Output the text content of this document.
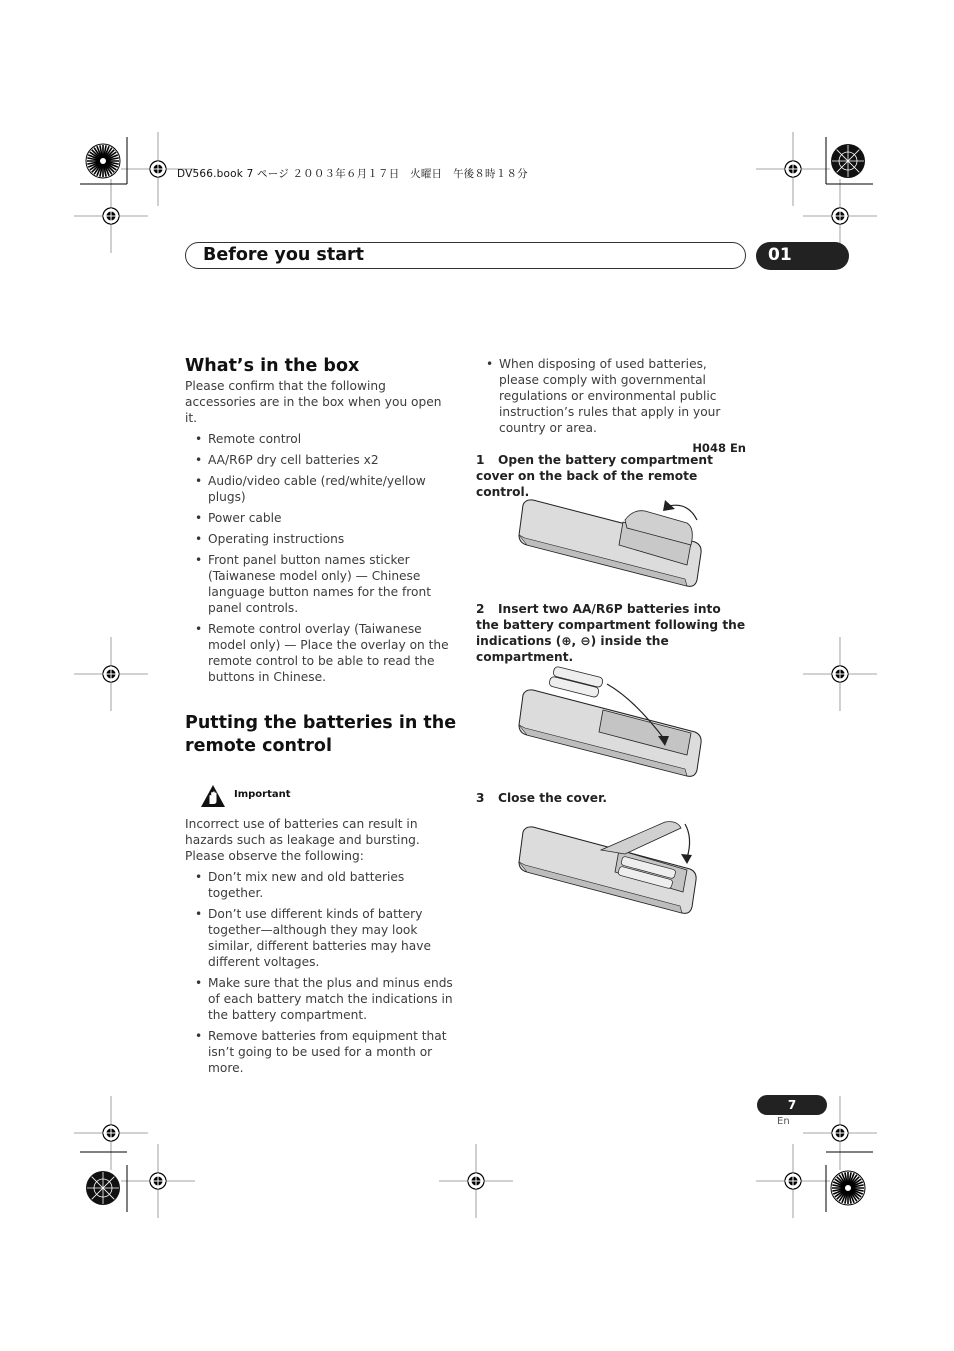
DV566.book 7 ページ ２００３年６月１７日　火曜日　午後８時１８分
Before you start	01
What’s in the box

Please confirm that the following accessories are in the box when you open it.

• Remote control
• AA/R6P dry cell batteries x2
• Audio/video cable (red/white/yellow plugs)
• Power cable
• Operating instructions
• Front panel button names sticker (Taiwanese model only) — Chinese language button names for the front panel controls.
• Remote control overlay (Taiwanese model only) — Place the overlay on the remote control to be able to read the buttons in Chinese.
Putting the batteries in the remote control
Important

Incorrect use of batteries can result in hazards such as leakage and bursting. Please observe the following:

• Don’t mix new and old batteries together.
• Don’t use different kinds of battery together—although they may look similar, different batteries may have different voltages.
• Make sure that the plus and minus ends of each battery match the indications in the battery compartment.
• Remove batteries from equipment that isn’t going to be used for a month or more.
• When disposing of used batteries, please comply with governmental regulations or environmental public instruction’s rules that apply in your country or area.
H048 En
1 Open the battery compartment cover on the back of the remote control.
2 Insert two AA/R6P batteries into the battery compartment following the indications (⊕, ⊖) inside the compartment.
3 Close the cover.
7
En
